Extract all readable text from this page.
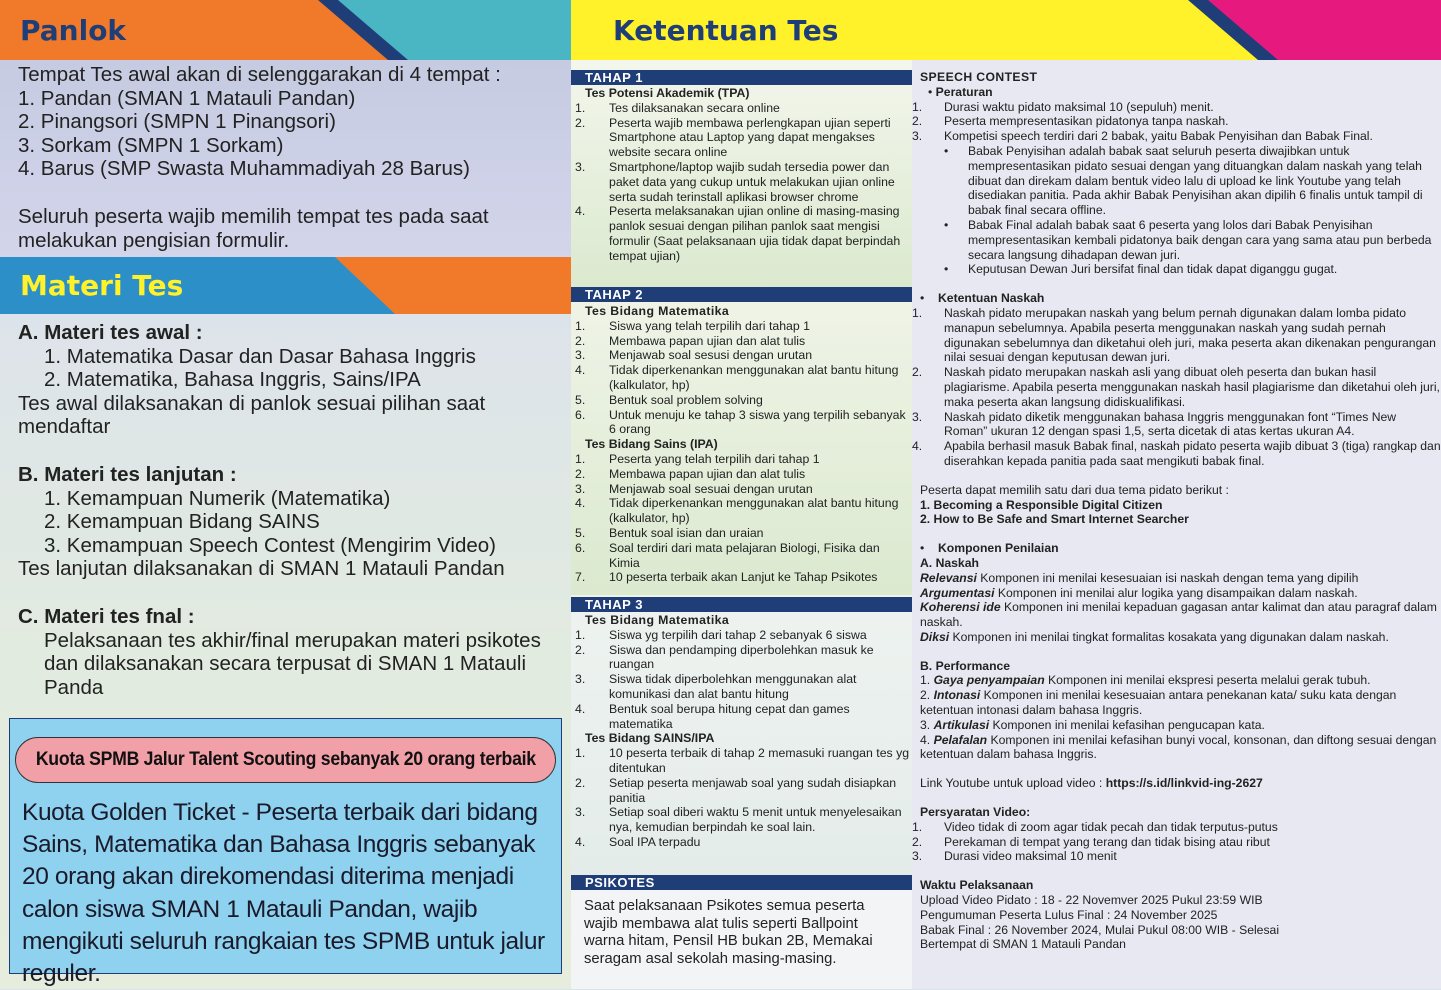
Panlok
Tempat Tes awal akan di selenggarakan di 4 tempat :
1. Pandan (SMAN 1 Matauli Pandan)
2. Pinangsori (SMPN 1 Pinangsori)
3. Sorkam (SMPN 1 Sorkam)
4. Barus (SMP Swasta Muhammadiyah 28 Barus)
Seluruh peserta wajib memilih tempat tes pada saat melakukan pengisian formulir.
Materi Tes
A. Materi tes awal :
1. Matematika Dasar dan Dasar Bahasa Inggris
2. Matematika, Bahasa Inggris, Sains/IPA
Tes awal dilaksanakan di panlok sesuai pilihan saat mendaftar
B. Materi tes lanjutan :
1. Kemampuan Numerik (Matematika)
2. Kemampuan Bidang SAINS
3. Kemampuan Speech Contest (Mengirim Video)
Tes lanjutan dilaksanakan di SMAN 1 Matauli Pandan
C. Materi tes fnal :
Pelaksanaan tes akhir/final merupakan materi psikotes dan dilaksanakan secara terpusat di SMAN 1 Matauli Panda
Kuota SPMB Jalur Talent Scouting sebanyak 20 orang terbaik
Kuota Golden Ticket - Peserta terbaik dari bidang Sains, Matematika dan Bahasa Inggris sebanyak 20 orang akan direkomendasi diterima menjadi calon siswa SMAN 1 Matauli Pandan, wajib mengikuti seluruh rangkaian tes SPMB untuk jalur reguler.
Ketentuan Tes
TAHAP 1
Tes Potensi Akademik (TPA)
1. Tes dilaksanakan secara online
2. Peserta wajib membawa perlengkapan ujian seperti Smartphone atau Laptop yang dapat mengakses website secara online
3. Smartphone/laptop wajib sudah tersedia power dan paket data yang cukup untuk melakukan ujian online serta sudah terinstall aplikasi browser chrome
4. Peserta melaksanakan ujian online di masing-masing panlok sesuai dengan pilihan panlok saat mengisi formulir (Saat pelaksanaan ujia tidak dapat berpindah tempat ujian)
TAHAP 2
Tes Bidang Matematika
1. Siswa yang telah terpilih dari tahap 1
2. Membawa papan ujian dan alat tulis
3. Menjawab soal sesusi dengan urutan
4. Tidak diperkenankan menggunakan alat bantu hitung (kalkulator, hp)
5. Bentuk soal problem solving
6. Untuk menuju ke tahap 3 siswa yang terpilih sebanyak 6 orang
Tes Bidang Sains (IPA)
1. Peserta yang telah terpilih dari tahap 1
2. Membawa papan ujian dan alat tulis
3. Menjawab soal sesuai dengan urutan
4. Tidak diperkenankan menggunakan alat bantu hitung (kalkulator, hp)
5. Bentuk soal isian dan uraian
6. Soal terdiri dari mata pelajaran Biologi, Fisika dan Kimia
7. 10 peserta terbaik akan Lanjut ke Tahap Psikotes
TAHAP 3
Tes Bidang Matematika
1. Siswa yg terpilih dari tahap 2 sebanyak 6 siswa
2. Siswa dan pendamping diperbolehkan masuk ke ruangan
3. Siswa tidak diperbolehkan menggunakan alat komunikasi dan alat bantu hitung
4. Bentuk soal berupa hitung cepat dan games matematika
Tes Bidang SAINS/IPA
1. 10 peserta terbaik di tahap 2 memasuki ruangan tes yg ditentukan
2. Setiap peserta menjawab soal yang sudah disiapkan panitia
3. Setiap soal diberi waktu 5 menit untuk menyelesaikan nya, kemudian berpindah ke soal lain.
4. Soal IPA terpadu
PSIKOTES
Saat pelaksanaan Psikotes semua peserta wajib membawa alat tulis seperti Ballpoint warna hitam, Pensil HB bukan 2B, Memakai seragam asal sekolah masing-masing.
SPEECH CONTEST
• Peraturan
1. Durasi waktu pidato maksimal 10 (sepuluh) menit.
2. Peserta mempresentasikan pidatonya tanpa naskah.
3. Kompetisi speech terdiri dari 2 babak, yaitu Babak Penyisihan dan Babak Final.
• Babak Penyisihan adalah babak saat seluruh peserta diwajibkan untuk mempresentasikan pidato sesuai dengan yang dituangkan dalam naskah yang telah dibuat dan direkam dalam bentuk video lalu di upload ke link Youtube yang telah disediakan panitia. Pada akhir Babak Penyisihan akan dipilih 6 finalis untuk tampil di babak final secara offline.
• Babak Final adalah babak saat 6 peserta yang lolos dari Babak Penyisihan mempresentasikan kembali pidatonya baik dengan cara yang sama atau pun berbeda secara langsung dihadapan dewan juri.
• Keputusan Dewan Juri bersifat final dan tidak dapat diganggu gugat.
• Ketentuan Naskah
1. Naskah pidato merupakan naskah yang belum pernah digunakan dalam lomba pidato manapun sebelumnya. Apabila peserta menggunakan naskah yang sudah pernah digunakan sebelumnya dan diketahui oleh juri, maka peserta akan dikenakan pengurangan nilai sesuai dengan keputusan dewan juri.
2. Naskah pidato merupakan naskah asli yang dibuat oleh peserta dan bukan hasil plagiarisme. Apabila peserta menggunakan naskah hasil plagiarisme dan diketahui oleh juri, maka peserta akan langsung didiskualifikasi.
3. Naskah pidato diketik menggunakan bahasa Inggris menggunakan font “Times New Roman” ukuran 12 dengan spasi 1,5, serta dicetak di atas kertas ukuran A4.
4. Apabila berhasil masuk Babak final, naskah pidato peserta wajib dibuat 3 (tiga) rangkap dan diserahkan kepada panitia pada saat mengikuti babak final.
Peserta dapat memilih satu dari dua tema pidato berikut :
1. Becoming a Responsible Digital Citizen
2. How to Be Safe and Smart Internet Searcher
• Komponen Penilaian
A. Naskah
Relevansi Komponen ini menilai kesesuaian isi naskah dengan tema yang dipilih
Argumentasi Komponen ini menilai alur logika yang disampaikan dalam naskah.
Koherensi ide Komponen ini menilai kepaduan gagasan antar kalimat dan atau paragraf dalam naskah.
Diksi Komponen ini menilai tingkat formalitas kosakata yang digunakan dalam naskah.
B. Performance
1. Gaya penyampaian Komponen ini menilai ekspresi peserta melalui gerak tubuh.
2. Intonasi Komponen ini menilai kesesuaian antara penekanan kata/ suku kata dengan ketentuan intonasi dalam bahasa Inggris.
3. Artikulasi Komponen ini menilai kefasihan pengucapan kata.
4. Pelafalan Komponen ini menilai kefasihan bunyi vocal, konsonan, dan diftong sesuai dengan ketentuan dalam bahasa Inggris.
Link Youtube untuk upload video : https://s.id/linkvid-ing-2627
Persyaratan Video:
1. Video tidak di zoom agar tidak pecah dan tidak terputus-putus
2. Perekaman di tempat yang terang dan tidak bising atau ribut
3. Durasi video maksimal 10 menit
Waktu Pelaksanaan
Upload Video Pidato : 18 - 22 Novemver 2025 Pukul 23:59 WIB
Pengumuman Peserta Lulus Final : 24 November 2025
Babak Final : 26 November 2024, Mulai Pukul 08:00 WIB - Selesai
Bertempat di SMAN 1 Matauli Pandan
